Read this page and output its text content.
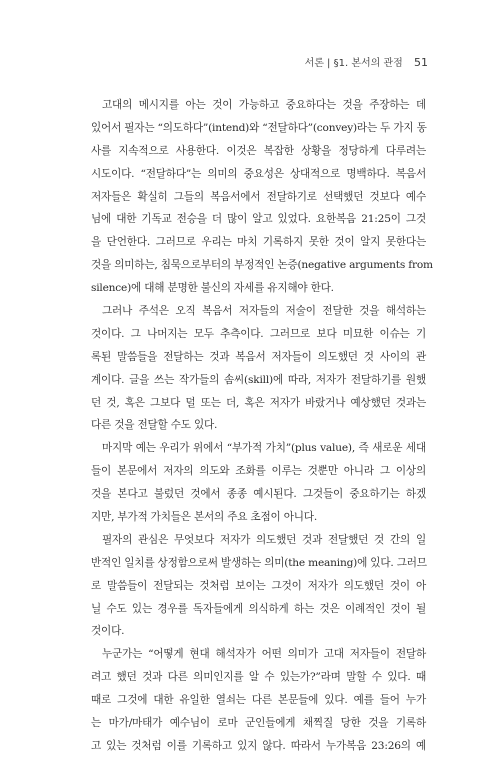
서론 | §1. 본서의 관점 51
고대의 메시지를 아는 것이 가능하고 중요하다는 것을 주장하는 데
있어서 필자는 “의도하다”(intend)와 “전달하다”(convey)라는 두 가지 동
사를 지속적으로 사용한다. 이것은 복잡한 상황을 정당하게 다루려는
시도이다. “전달하다”는 의미의 중요성은 상대적으로 명백하다. 복음서
저자들은 확실히 그들의 복음서에서 전달하기로 선택했던 것보다 예수
님에 대한 기독교 전승을 더 많이 알고 있었다. 요한복음 21:25이 그것
을 단언한다. 그러므로 우리는 마치 기록하지 못한 것이 알지 못한다는
것을 의미하는, 침묵으로부터의 부정적인 논증(negative arguments from
silence)에 대해 분명한 불신의 자세를 유지해야 한다.
그러나 주석은 오직 복음서 저자들의 저술이 전달한 것을 해석하는
것이다. 그 나머지는 모두 추측이다. 그러므로 보다 미묘한 이슈는 기
록된 말씀들을 전달하는 것과 복음서 저자들이 의도했던 것 사이의 관
계이다. 글을 쓰는 작가들의 솜씨(skill)에 따라, 저자가 전달하기를 원했
던 것, 혹은 그보다 덜 또는 더, 혹은 저자가 바랐거나 예상했던 것과는
다른 것을 전달할 수도 있다.
마지막 예는 우리가 위에서 “부가적 가치”(plus value), 즉 새로운 세대
들이 본문에서 저자의 의도와 조화를 이루는 것뿐만 아니라 그 이상의
것을 본다고 불렀던 것에서 종종 예시된다. 그것들이 중요하기는 하겠
지만, 부가적 가치들은 본서의 주요 초점이 아니다.
필자의 관심은 무엇보다 저자가 의도했던 것과 전달했던 것 간의 일
반적인 일치를 상정함으로써 발생하는 의미(the meaning)에 있다. 그러므
로 말씀들이 전달되는 것처럼 보이는 그것이 저자가 의도했던 것이 아
닐 수도 있는 경우를 독자들에게 의식하게 하는 것은 이례적인 것이 될
것이다.
누군가는 “어떻게 현대 해석자가 어떤 의미가 고대 저자들이 전달하
려고 했던 것과 다른 의미인지를 알 수 있는가?”라며 말할 수 있다. 때
때로 그것에 대한 유일한 열쇠는 다른 본문들에 있다. 예를 들어 누가
는 마가/마태가 예수님이 로마 군인들에게 채찍질 당한 것을 기록하
고 있는 것처럼 이를 기록하고 있지 않다. 따라서 누가복음 23:26의 예
